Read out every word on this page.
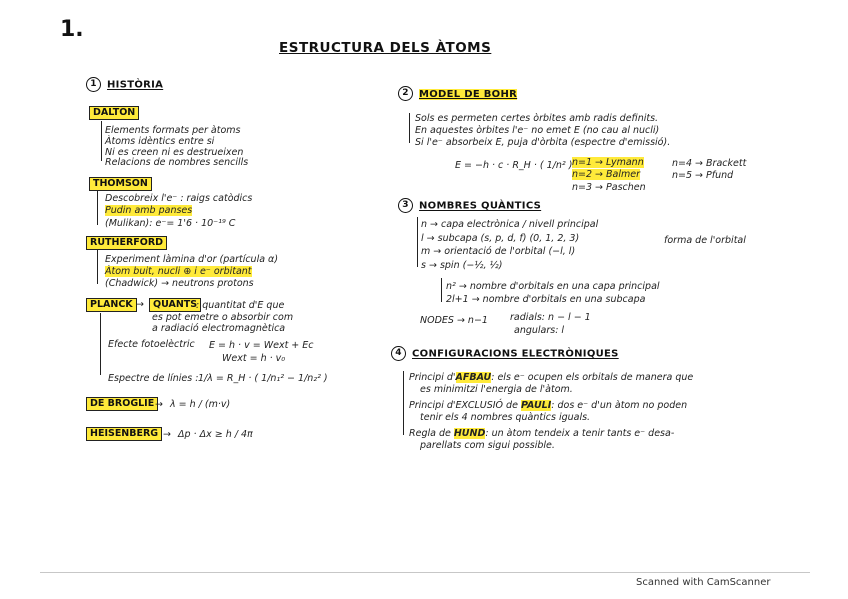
1.
ESTRUCTURA DELS ÀTOMS
1 HISTÒRIA
DALTON
Elements formats per àtoms
Àtoms idèntics entre si
Ni es creen ni es destrueixen
Relacions de nombres sencills
THOMSON
Descobreix l'e⁻ : raigs catòdics
Pudin amb panses
(Mulikan): e⁻= 1'6 · 10⁻¹⁹ C
RUTHERFORD
Experiment làmina d'or (partícula α)
Àtom buit, nucli ⊕ i e⁻ orbitant
(Chadwick) → neutrons protons
PLANCK → QUANTS
: quantitat d'E que
es pot emetre o absorbir com
a radiació electromagnètica
Efecte fotoelèctric E = h · v = Wext + Ec
Wext = h · v₀
Espectre de línies : 1/λ = R_H · ( 1/n₁² − 1/n₂² )
DE BROGLIE → λ = h / (m·v)
HEISENBERG → Δp · Δx ≥ h / 4π
2 MODEL DE BOHR
Sols es permeten certes òrbites amb radis definits.
En aquestes òrbites l'e⁻ no emet E (no cau al nucli)
Si l'e⁻ absorbeix E, puja d'òrbita (espectre d'emissió).
E = −h · c · R_H · ( 1/n² ) n=1 → Lymann
n=2 → Balmer
n=3 → Paschen
n=4 → Brackett
n=5 → Pfund
3 NOMBRES QUÀNTICS
n → capa electrònica / nivell principal
l → subcapa (s, p, d, f) (0, 1, 2, 3)
m → orientació de l'orbital (−l, l)
s → spin (−½, ½)
forma de l'orbital
n² → nombre d'orbitals en una capa principal
2l+1 → nombre d'orbitals en una subcapa
NODES → n−1 radials: n − l − 1
angulars: l
4 CONFIGURACIONS ELECTRÒNIQUES
Principi d'AFBAU: els e⁻ ocupen els orbitals de manera que
es minimitzi l'energia de l'àtom.
Principi d'EXCLUSIÓ de PAULI: dos e⁻ d'un àtom no poden
tenir els 4 nombres quàntics iguals.
Regla de HUND: un àtom tendeix a tenir tants e⁻ desa-
parellats com sigui possible.
Scanned with CamScanner
